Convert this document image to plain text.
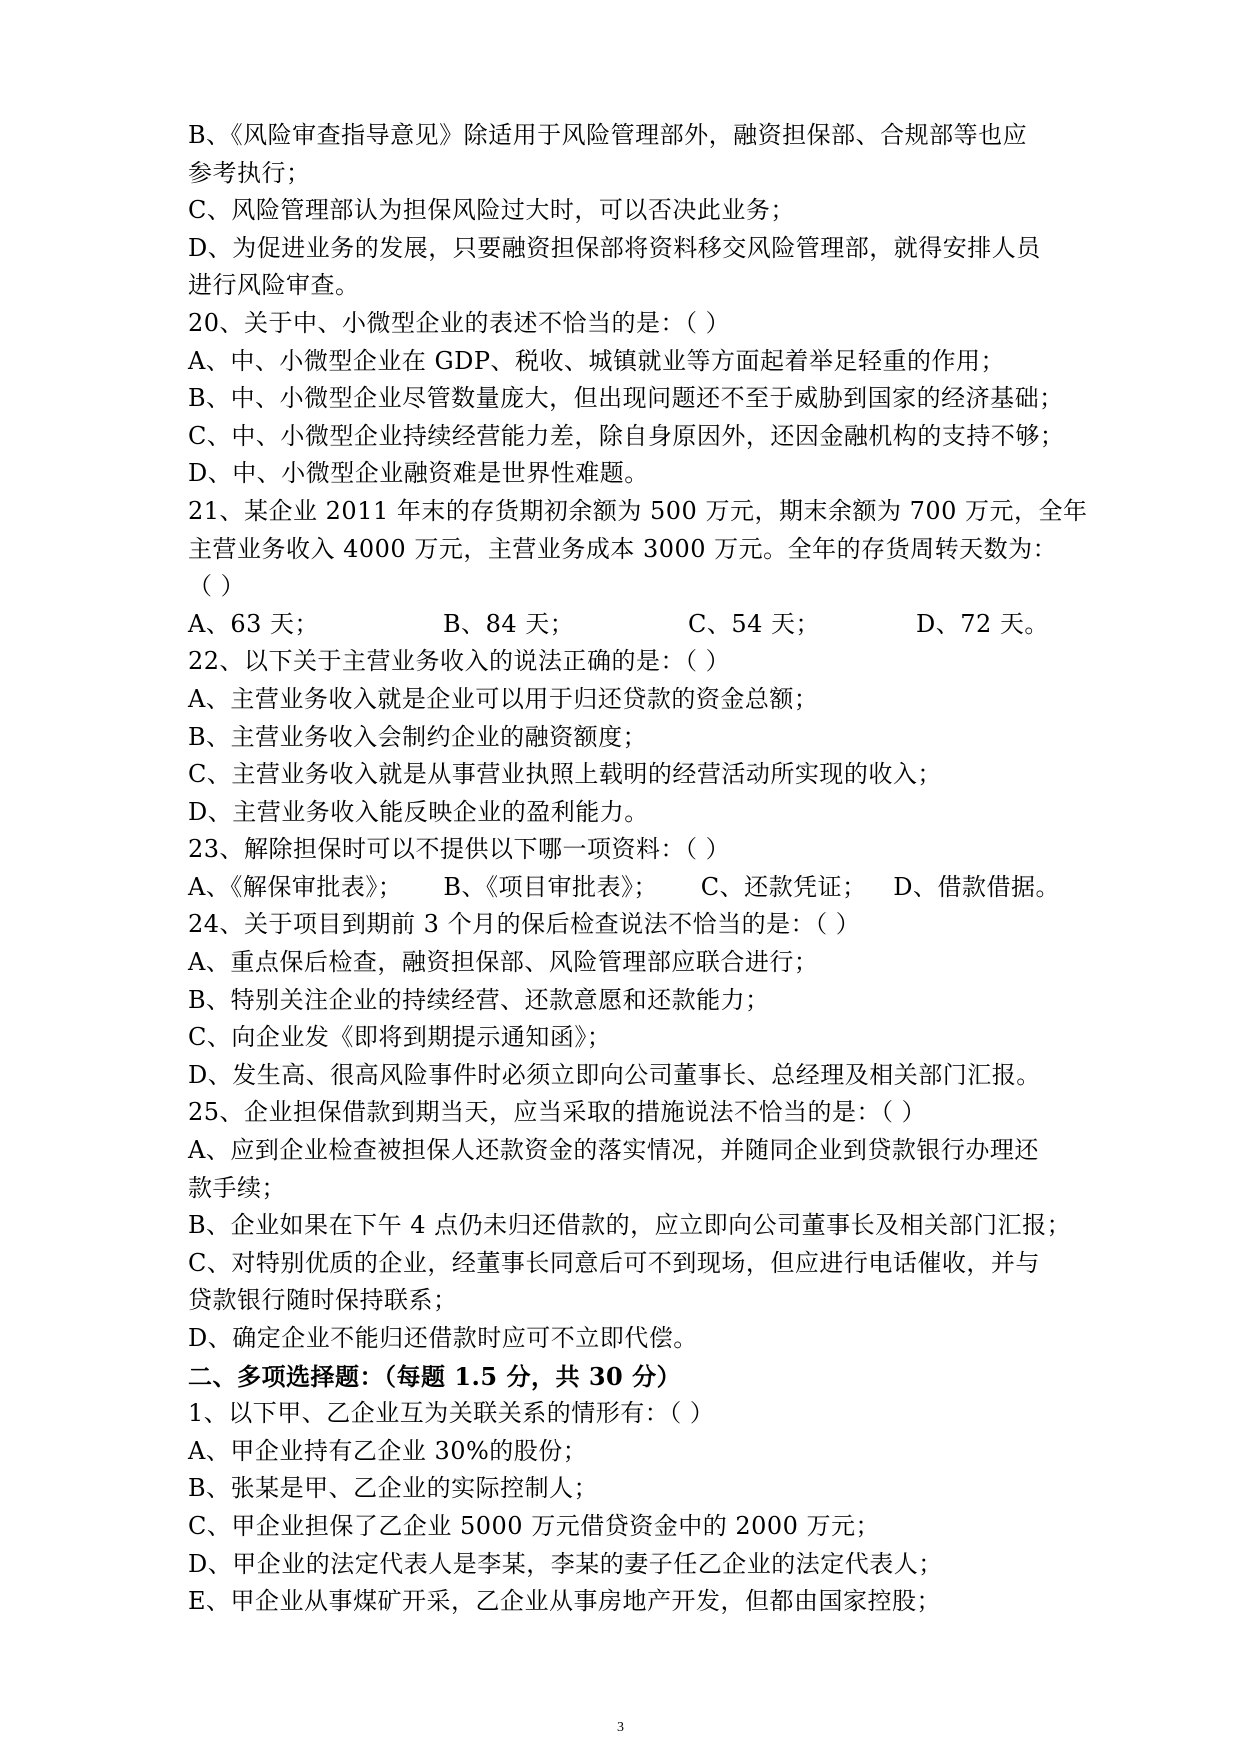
B、《风险审查指导意见》除适用于风险管理部外，融资担保部、合规部等也应
参考执行；
C、风险管理部认为担保风险过大时，可以否决此业务；
D、为促进业务的发展，只要融资担保部将资料移交风险管理部，就得安排人员
进行风险审查。
20、关于中、小微型企业的表述不恰当的是：（ ）
A、中、小微型企业在 GDP、税收、城镇就业等方面起着举足轻重的作用；
B、中、小微型企业尽管数量庞大，但出现问题还不至于威胁到国家的经济基础；
C、中、小微型企业持续经营能力差，除自身原因外，还因金融机构的支持不够；
D、中、小微型企业融资难是世界性难题。
21、某企业 2011 年末的存货期初余额为 500 万元，期末余额为 700 万元，全年
主营业务收入 4000 万元，主营业务成本 3000 万元。全年的存货周转天数为：
（ ）
A、63 天；	B、84 天；	C、54 天；	D、72 天。
22、以下关于主营业务收入的说法正确的是：（ ）
A、主营业务收入就是企业可以用于归还贷款的资金总额；
B、主营业务收入会制约企业的融资额度；
C、主营业务收入就是从事营业执照上载明的经营活动所实现的收入；
D、主营业务收入能反映企业的盈利能力。
23、解除担保时可以不提供以下哪一项资料：（ ）
A、《解保审批表》；	B、《项目审批表》；	C、还款凭证；	D、借款借据。
24、关于项目到期前 3 个月的保后检查说法不恰当的是：（ ）
A、重点保后检查，融资担保部、风险管理部应联合进行；
B、特别关注企业的持续经营、还款意愿和还款能力；
C、向企业发《即将到期提示通知函》；
D、发生高、很高风险事件时必须立即向公司董事长、总经理及相关部门汇报。
25、企业担保借款到期当天，应当采取的措施说法不恰当的是：（ ）
A、应到企业检查被担保人还款资金的落实情况，并随同企业到贷款银行办理还
款手续；
B、企业如果在下午 4 点仍未归还借款的，应立即向公司董事长及相关部门汇报；
C、对特别优质的企业，经董事长同意后可不到现场，但应进行电话催收，并与
贷款银行随时保持联系；
D、确定企业不能归还借款时应可不立即代偿。
二、多项选择题：（每题 1.5 分，共 30 分）
1、以下甲、乙企业互为关联关系的情形有：（ ）
A、甲企业持有乙企业 30%的股份；
B、张某是甲、乙企业的实际控制人；
C、甲企业担保了乙企业 5000 万元借贷资金中的 2000 万元；
D、甲企业的法定代表人是李某，李某的妻子任乙企业的法定代表人；
E、甲企业从事煤矿开采，乙企业从事房地产开发，但都由国家控股；
3
